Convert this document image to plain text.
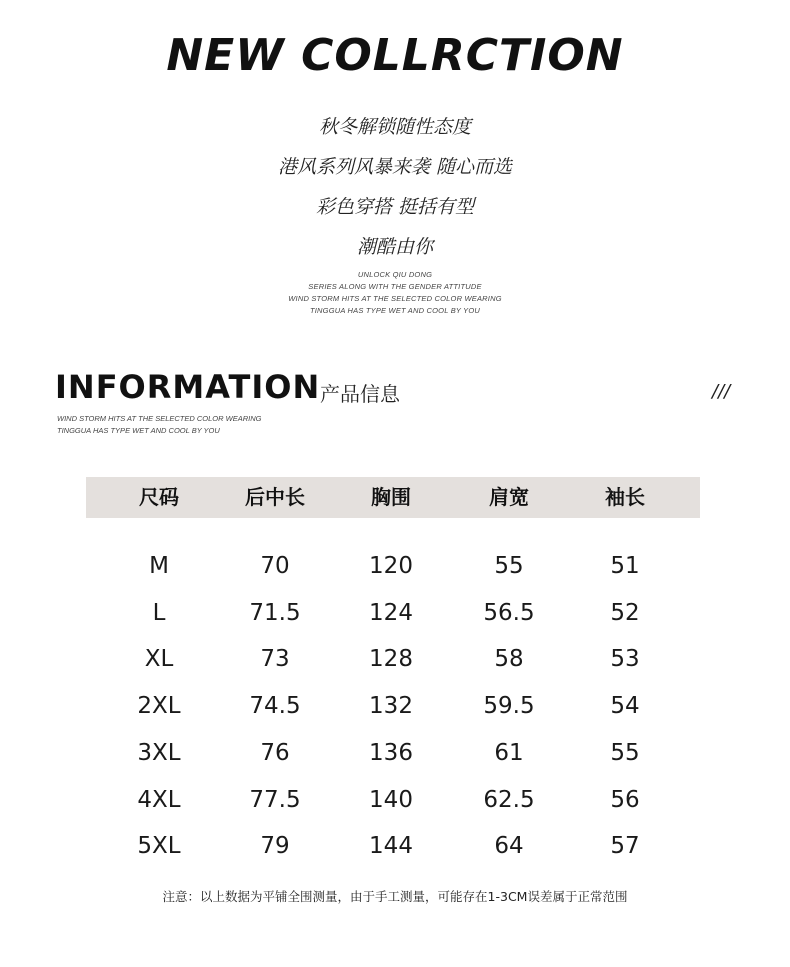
NEW COLLRCTION
秋冬解锁随性态度
港风系列风暴来袭 随心而选
彩色穿搭 挺括有型
潮酷由你
UNLOCK QIU DONG
SERIES ALONG WITH THE GENDER ATTITUDE
WIND STORM HITS AT THE SELECTED COLOR WEARING
TINGGUA HAS TYPE WET AND COOL BY YOU
INFORMATION 产品信息	///
WIND STORM HITS AT THE SELECTED COLOR WEARING
TINGGUA HAS TYPE WET AND COOL BY YOU
尺码	后中长	胸围	肩宽	袖长
M	70	120	55	51
L	71.5	124	56.5	52
XL	73	128	58	53
2XL	74.5	132	59.5	54
3XL	76	136	61	55
4XL	77.5	140	62.5	56
5XL	79	144	64	57
注意：以上数据为平铺全围测量，由于手工测量，可能存在1-3CM误差属于正常范围
